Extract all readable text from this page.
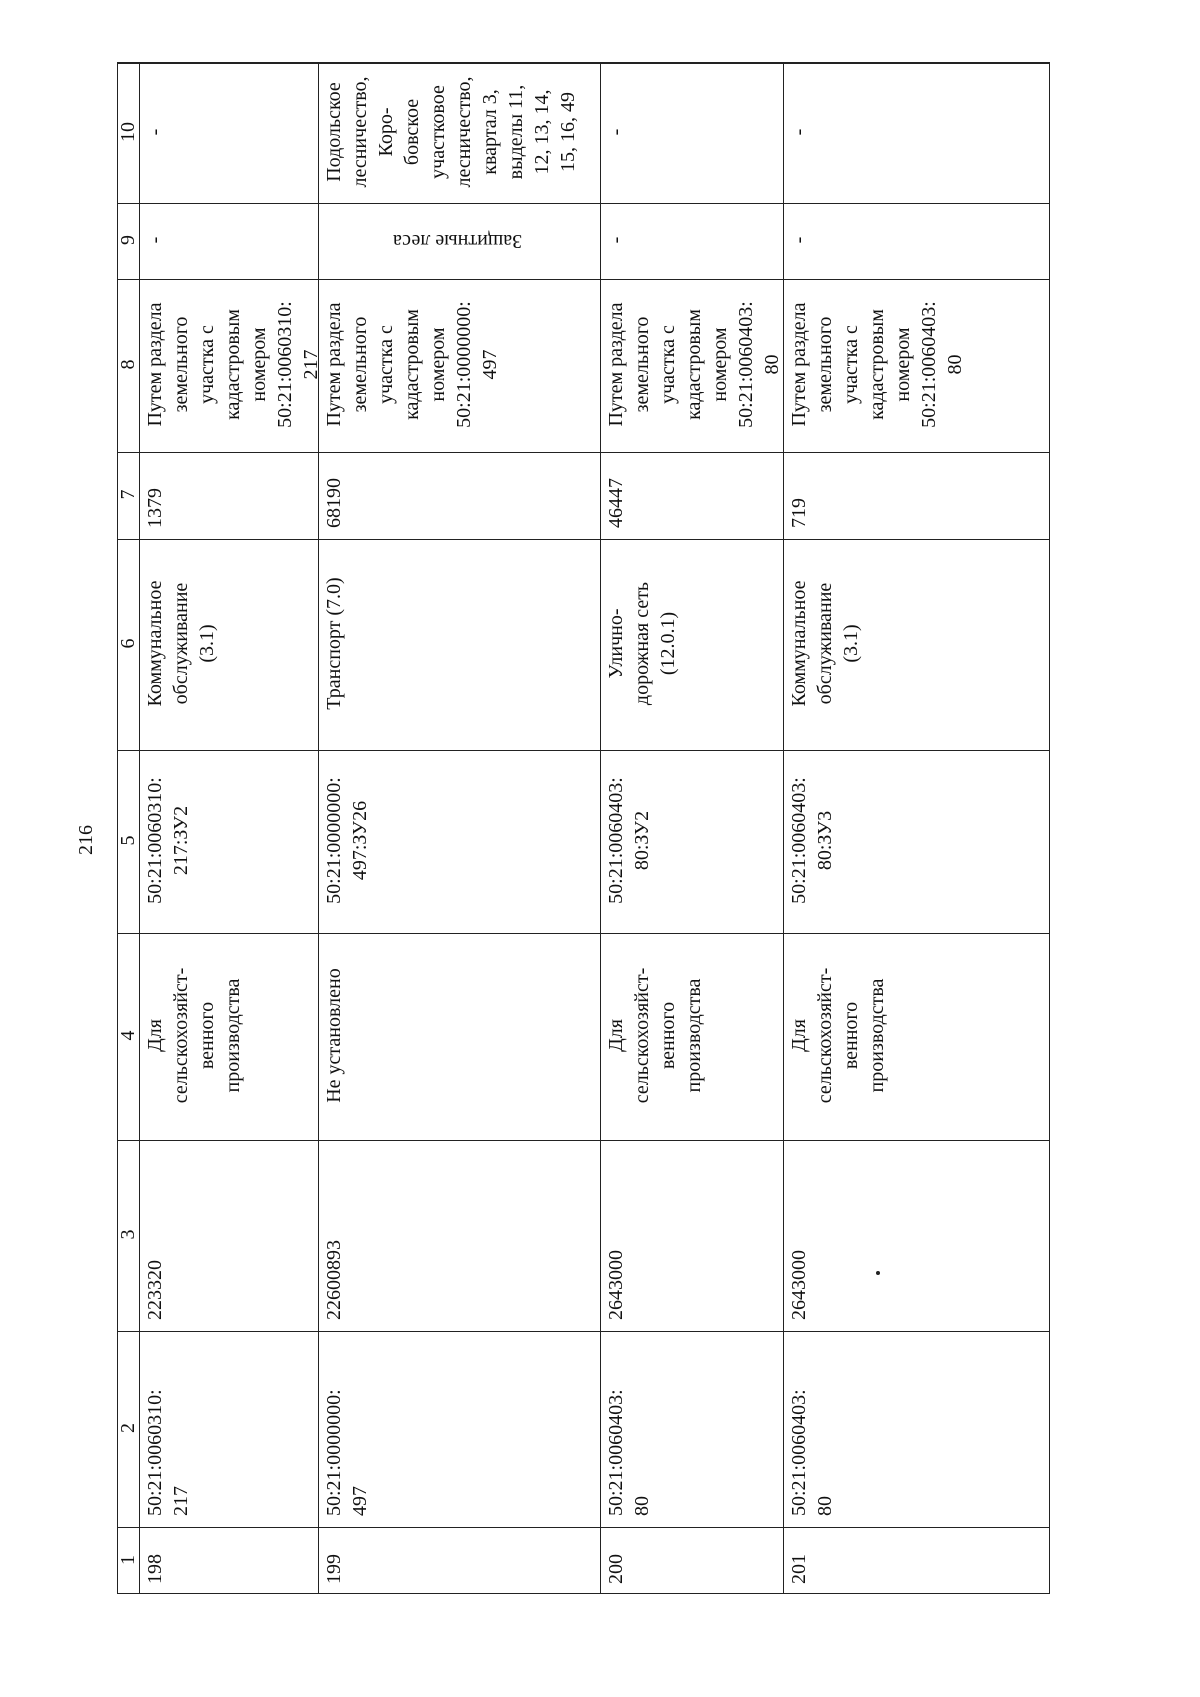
216
1
2
3
4
5
6
7
8
9
10
198
50:21:0060310:
217
223320
Для
сельскохозяйст-
венного
производства
50:21:0060310:
217:ЗУ2
Коммунальное
обслуживание
(3.1)
1379
Путем раздела
земельного
участка с
кадастровым
номером
50:21:0060310:
217
-
-
199
50:21:0000000:
497
22600893
Не установлено
50:21:0000000:
497:ЗУ26
Транспорт (7.0)
68190
Путем раздела
земельного
участка с
кадастровым
номером
50:21:0000000:
497
Подольское
лесничество,
Коро-
бовское
участковое
лесничество,
квартал 3,
выделы 11,
12, 13, 14,
15, 16, 49
200
50:21:0060403:
80
2643000
Для
сельскохозяйст-
венного
производства
50:21:0060403:
80:ЗУ2
Улично-
дорожная сеть
(12.0.1)
46447
Путем раздела
земельного
участка с
кадастровым
номером
50:21:0060403:
80
-
-
201
50:21:0060403:
80
2643000
Для
сельскохозяйст-
венного
производства
50:21:0060403:
80:ЗУ3
Коммунальное
обслуживание
(3.1)
719
Путем раздела
земельного
участка с
кадастровым
номером
50:21:0060403:
80
-
-
Защитные леса
